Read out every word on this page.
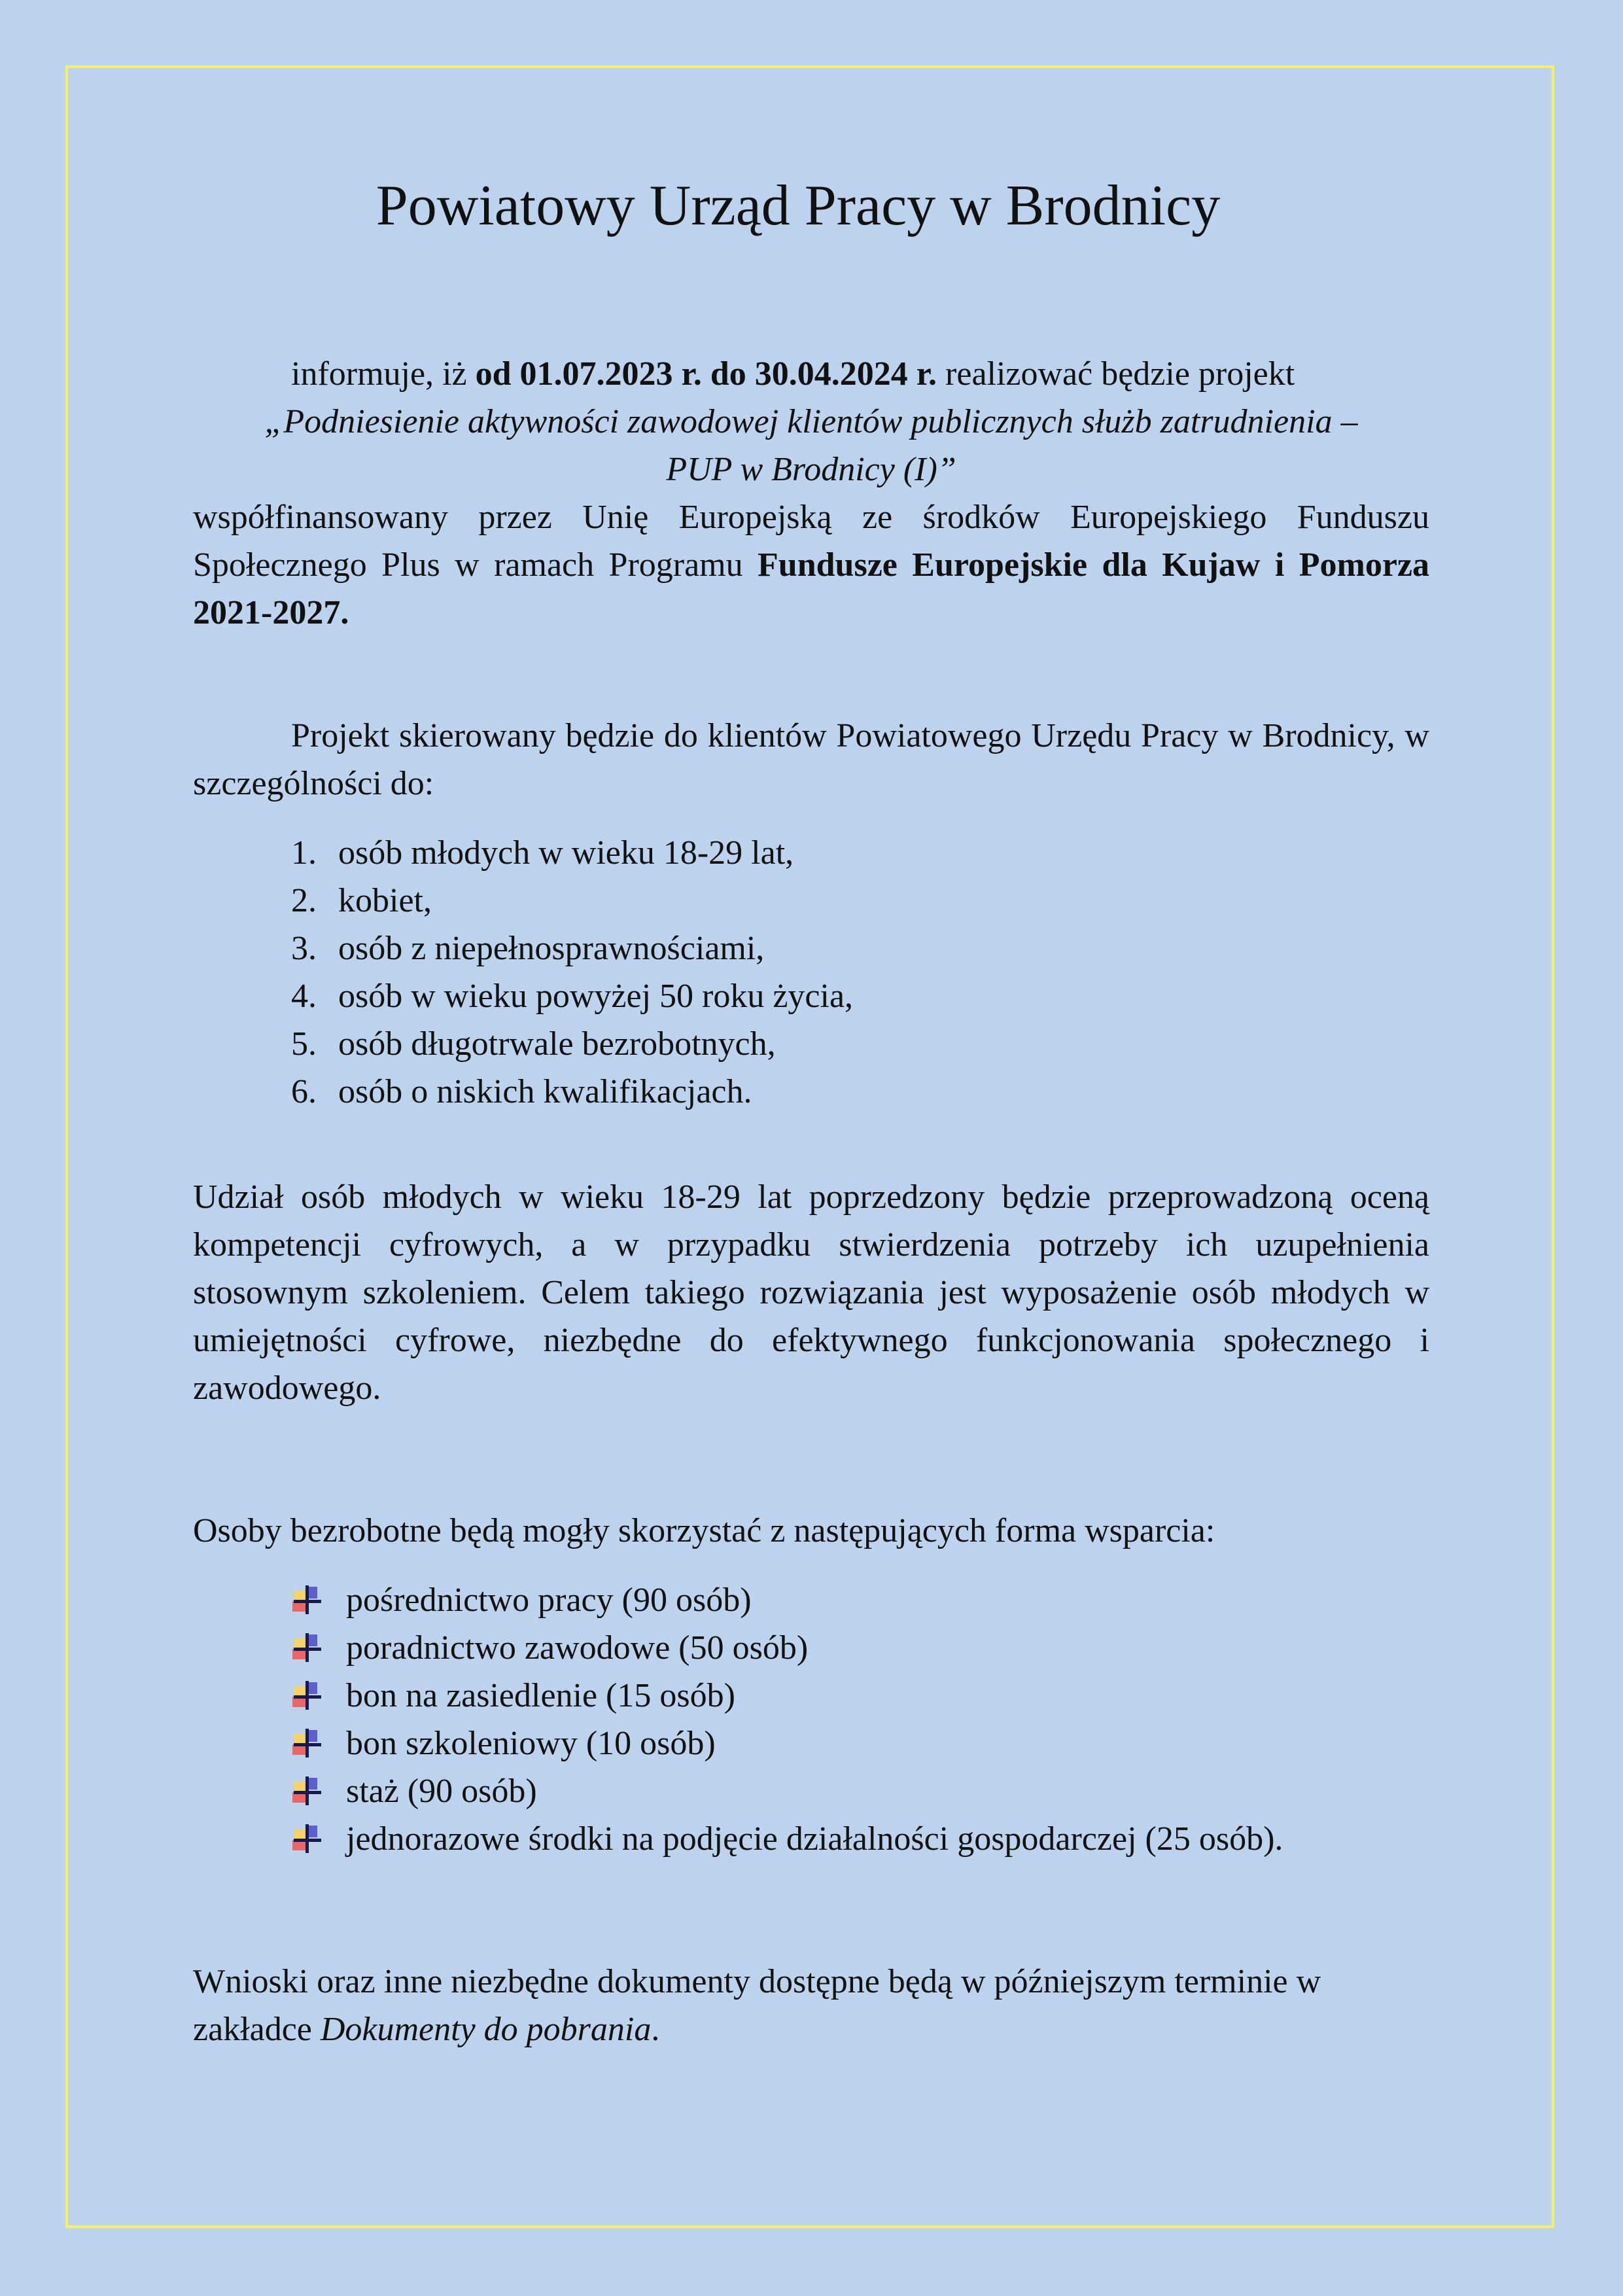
Powiatowy Urząd Pracy w Brodnicy

informuje, iż od 01.07.2023 r. do 30.04.2024 r. realizować będzie projekt

„Podniesienie aktywności zawodowej klientów publicznych służb zatrudnienia –

PUP w Brodnicy (I)”

współfinansowany przez Unię Europejską ze środków Europejskiego Funduszu Społecznego Plus w ramach Programu Fundusze Europejskie dla Kujaw i Pomorza 2021-2027.

Projekt skierowany będzie do klientów Powiatowego Urzędu Pracy w Brodnicy, w szczególności do:

1. osób młodych w wieku 18-29 lat,
2. kobiet,
3. osób z niepełnosprawnościami,
4. osób w wieku powyżej 50 roku życia,
5. osób długotrwale bezrobotnych,
6. osób o niskich kwalifikacjach.

Udział osób młodych w wieku 18-29 lat poprzedzony będzie przeprowadzoną oceną kompetencji cyfrowych, a w przypadku stwierdzenia potrzeby ich uzupełnienia stosownym szkoleniem. Celem takiego rozwiązania jest wyposażenie osób młodych w umiejętności cyfrowe, niezbędne do efektywnego funkcjonowania społecznego i zawodowego.

Osoby bezrobotne będą mogły skorzystać z następujących forma wsparcia:

pośrednictwo pracy (90 osób)
poradnictwo zawodowe (50 osób)
bon na zasiedlenie (15 osób)
bon szkoleniowy (10 osób)
staż (90 osób)
jednorazowe środki na podjęcie działalności gospodarczej (25 osób).

Wnioski oraz inne niezbędne dokumenty dostępne będą w późniejszym terminie w zakładce Dokumenty do pobrania.
